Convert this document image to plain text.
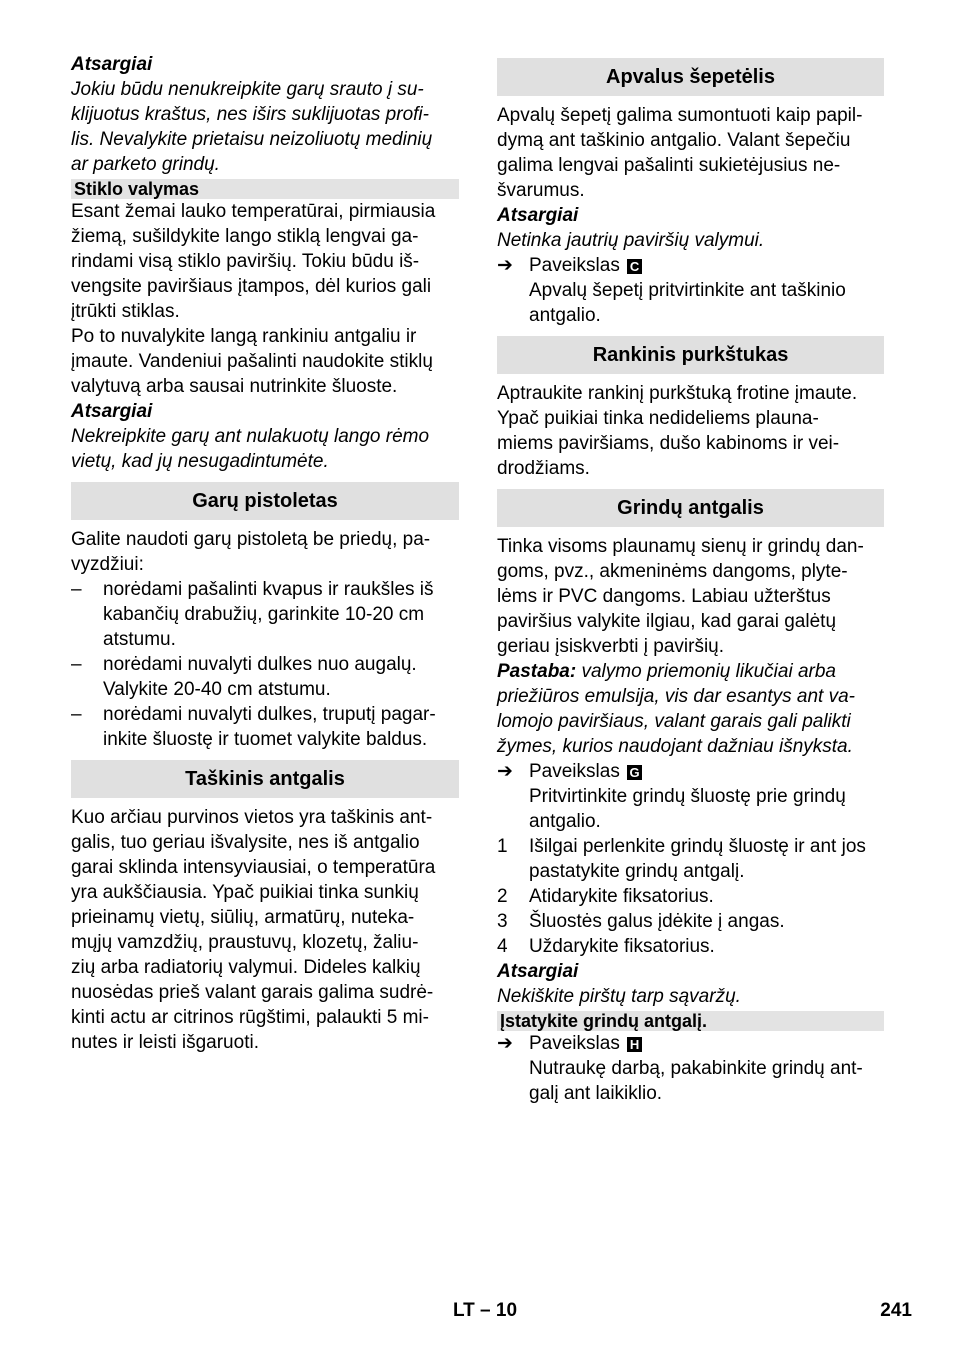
Atsargiai

Jokiu būdu nenukreipkite garų srauto į su-
klijuotus kraštus, nes iširs suklijuotas profi-
lis. Nevalykite prietaisu neizoliuotų medinių
ar parketo grindų.

Stiklo valymas

Esant žemai lauko temperatūrai, pirmiausia
žiemą, sušildykite lango stiklą lengvai ga-
rindami visą stiklo paviršių. Tokiu būdu iš-
vengsite paviršiaus įtampos, dėl kurios gali
įtrūkti stiklas.
Po to nuvalykite langą rankiniu antgaliu ir
įmaute. Vandeniui pašalinti naudokite stiklų
valytuvą arba sausai nutrinkite šluoste.

Atsargiai

Nekreipkite garų ant nulakuotų lango rėmo
vietų, kad jų nesugadintumėte.

Garų pistoletas

Galite naudoti garų pistoletą be priedų, pa-
vyzdžiui:

–	norėdami pašalinti kvapus ir raukšles iš
kabančių drabužių, garinkite 10-20 cm
atstumu.
–	norėdami nuvalyti dulkes nuo augalų.
Valykite 20-40 cm atstumu.
–	norėdami nuvalyti dulkes, truputį pagar-
inkite šluostę ir tuomet valykite baldus.
Taškinis antgalis

Kuo arčiau purvinos vietos yra taškinis ant-
galis, tuo geriau išvalysite, nes iš antgalio
garai sklinda intensyviausiai, o temperatūra
yra aukščiausia. Ypač puikiai tinka sunkių
prieinamų vietų, siūlių, armatūrų, nuteka-
mųjų vamzdžių, praustuvų, klozetų, žaliu-
zių arba radiatorių valymui. Dideles kalkių
nuosėdas prieš valant garais galima sudrė-
kinti actu ar citrinos rūgštimi, palaukti 5 mi-
nutes ir leisti išgaruoti.

Apvalus šepetėlis

Apvalų šepetį galima sumontuoti kaip papil-
dymą ant taškinio antgalio. Valant šepečiu
galima lengvai pašalinti sukietėjusius ne-
švarumus.

Atsargiai

Netinka jautrių paviršių valymui.

➔ Paveikslas C

Apvalų šepetį pritvirtinkite ant taškinio
antgalio.

Rankinis purkštukas

Aptraukite rankinį purkštuką frotine įmaute.
Ypač puikiai tinka nedideliems plauna-
miems paviršiams, dušo kabinoms ir vei-
drodžiams.

Grindų antgalis

Tinka visoms plaunamų sienų ir grindų dan-
goms, pvz., akmeninėms dangoms, plyte-
lėms ir PVC dangoms. Labiau užterštus
paviršius valykite ilgiau, kad garai galėtų
geriau įsiskverbti į paviršių.

Pastaba: valymo priemonių likučiai arba
priežiūros emulsija, vis dar esantys ant va-
lomojo paviršiaus, valant garais gali palikti
žymes, kurios naudojant dažniau išnyksta.

➔ Paveikslas G

Pritvirtinkite grindų šluostę prie grindų
antgalio.

1	Išilgai perlenkite grindų šluostę ir ant jos
pastatykite grindų antgalį.
2	Atidarykite fiksatorius.
3	Šluostės galus įdėkite į angas.
4	Uždarykite fiksatorius.

Atsargiai

Nekiškite pirštų tarp sąvaržų.

Įstatykite grindų antgalį.
➔ Paveikslas H

Nutraukę darbą, pakabinkite grindų ant-
galį ant laikiklio.

LT – 10	241
